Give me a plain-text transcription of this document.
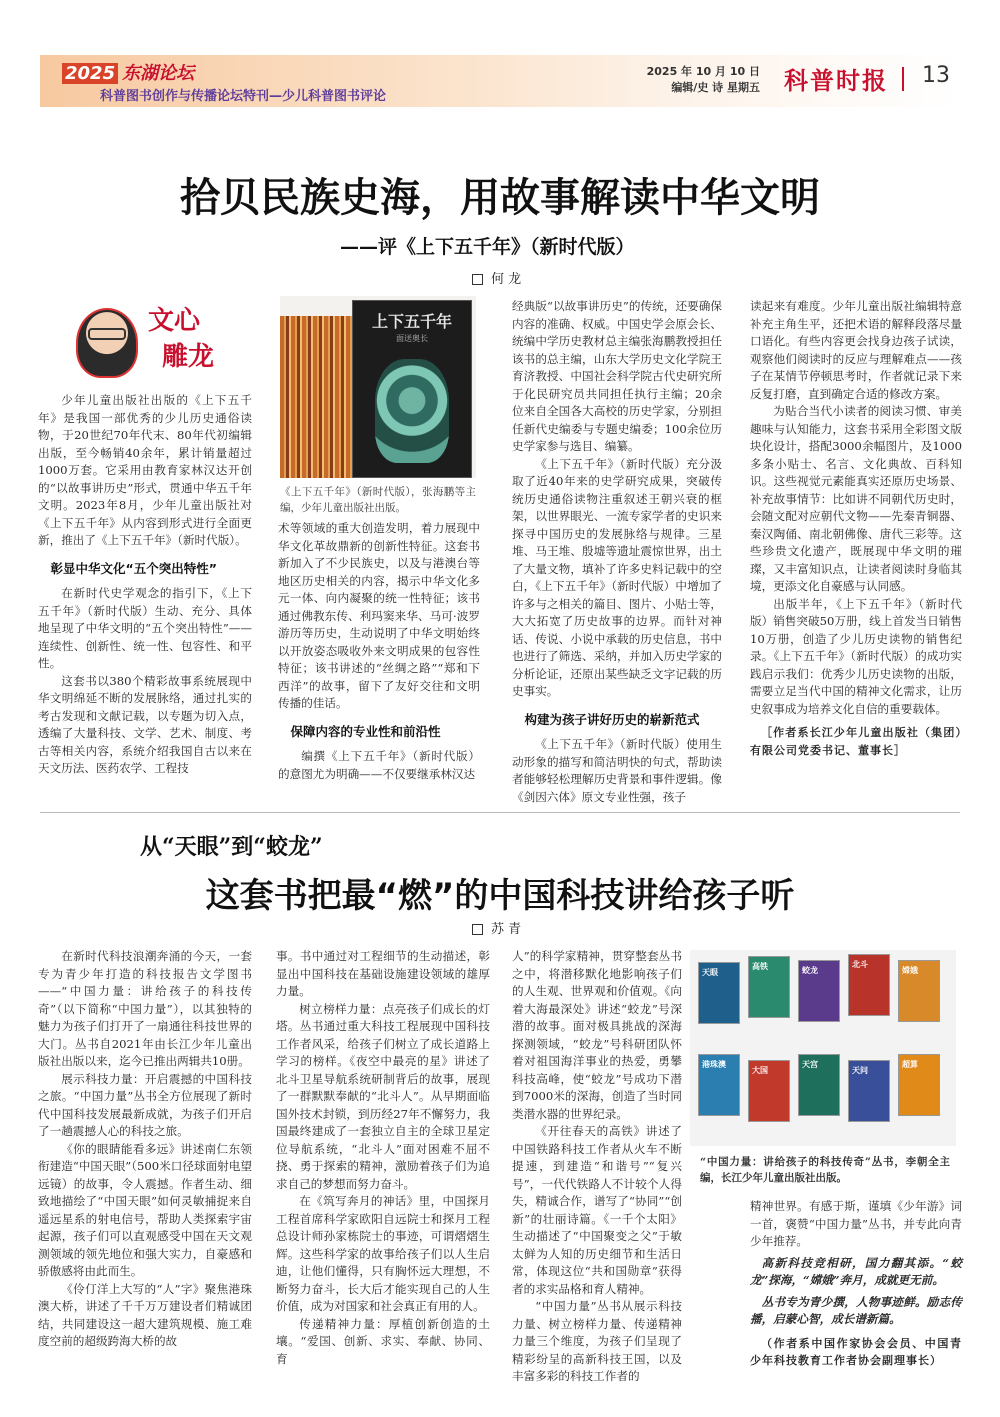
2025 东湖论坛
科普图书创作与传播论坛特刊—少儿科普图书评论
2025 年 10 月 10 日
编辑/史 诗 星期五 科普时报 13
拾贝民族史海，用故事解读中华文明
——评《上下五千年》（新时代版）
何 龙
文心
雕龙

少年儿童出版社出版的《上下五千年》是我国一部优秀的少儿历史通俗读物，于20世纪70年代末、80年代初编辑出版，至今畅销40余年，累计销量超过1000万套。它采用由教育家林汉达开创的“以故事讲历史”形式，贯通中华五千年文明。2023年8月，少年儿童出版社对《上下五千年》从内容到形式进行全面更新，推出了《上下五千年》（新时代版）。

彰显中华文化“五个突出特性”

在新时代史学观念的指引下，《上下五千年》（新时代版）生动、充分、具体地呈现了中华文明的“五个突出特性”——连续性、创新性、统一性、包容性、和平性。

这套书以380个精彩故事系统展现中华文明绵延不断的发展脉络，通过扎实的考古发现和文献记载，以专题为切入点，透编了大量科技、文学、艺术、制度、考古等相关内容，系统介绍我国自古以来在天文历法、医药农学、工程技

上下五千年
面送奥长
《上下五千年》（新时代版），张海鹏等主编，少年儿童出版社出版。

术等领域的重大创造发明，着力展现中华文化革故鼎新的创新性特征。这套书新加入了不少民族史，以及与港澳台等地区历史相关的内容，揭示中华文化多元一体、向内凝聚的统一性特征；该书通过佛教东传、利玛窦来华、马可·波罗游历等历史，生动说明了中华文明始终以开放姿态吸收外来文明成果的包容性特征；该书讲述的“丝绸之路”“郑和下西洋”的故事，留下了友好交往和文明传播的佳话。

保障内容的专业性和前沿性

编撰《上下五千年》（新时代版）的意图尤为明确——不仅要继承林汉达

经典版“以故事讲历史”的传统，还要确保内容的准确、权威。中国史学会原会长、统编中学历史教材总主编张海鹏教授担任该书的总主编，山东大学历史文化学院王育济教授、中国社会科学院古代史研究所于化民研究员共同担任执行主编；20余位来自全国各大高校的历史学家，分别担任新代史编委与专题史编委；100余位历史学家参与选目、编纂。

《上下五千年》（新时代版）充分汲取了近40年来的史学研究成果，突破传统历史通俗读物注重叙述王朝兴衰的框架，以世界眼光、一流专家学者的史识来探寻中国历史的发展脉络与规律。三星堆、马王堆、殷墟等遗址震惊世界，出土了大量文物，填补了许多史料记载中的空白，《上下五千年》（新时代版）中增加了许多与之相关的篇目、图片、小贴士等，大大拓宽了历史故事的边界。而针对神话、传说、小说中承载的历史信息，书中也进行了筛选、采纳，并加入历史学家的分析论证，还原出某些缺乏文字记载的历史事实。

构建为孩子讲好历史的崭新范式

《上下五千年》（新时代版）使用生动形象的描写和简洁明快的句式，帮助读者能够轻松理解历史背景和事件逻辑。像《剑因六体》原文专业性强，孩子

读起来有难度。少年儿童出版社编辑特意补充主角生平，还把术语的解释段落尽量口语化。有些内容更会找身边孩子试读，观察他们阅读时的反应与理解难点——孩子在某情节停顿思考时，作者就记录下来反复打磨，直到确定合适的修改方案。

为贴合当代小读者的阅读习惯、审美趣味与认知能力，这套书采用全彩图文版块化设计，搭配3000余幅图片，及1000多条小贴士、名言、文化典故、百科知识。这些视觉元素能真实还原历史场景、补充故事情节：比如讲不同朝代历史时，会随文配对应朝代文物——先秦青铜器、秦汉陶俑、南北朝佛像、唐代三彩等。这些珍贵文化遗产，既展现中华文明的璀璨，又丰富知识点，让读者阅读时身临其境，更添文化自豪感与认同感。

出版半年，《上下五千年》（新时代版）销售突破50万册，线上首发当日销售10万册，创造了少儿历史读物的销售纪录。《上下五千年》（新时代版）的成功实践启示我们：优秀少儿历史读物的出版，需要立足当代中国的精神文化需求，让历史叙事成为培养文化自信的重要载体。

［作者系长江少年儿童出版社（集团）有限公司党委书记、董事长］

从“天眼”到“蛟龙”
这套书把最“燃”的中国科技讲给孩子听
苏 青

在新时代科技浪潮奔涌的今天，一套专为青少年打造的科技报告文学图书——“中国力量：讲给孩子的科技传奇”（以下简称“中国力量”），以其独特的魅力为孩子们打开了一扇通往科技世界的大门。丛书自2021年由长江少年儿童出版社出版以来，迄今已推出两辑共10册。

展示科技力量：开启震撼的中国科技之旅。“中国力量”丛书全方位展现了新时代中国科技发展最新成就，为孩子们开启了一趟震撼人心的科技之旅。

《你的眼睛能看多远》讲述南仁东领衔建造“中国天眼”（500米口径球面射电望远镜）的故事，令人震撼。作者生动、细致地描绘了“中国天眼”如何灵敏捕捉来自遥远星系的射电信号，帮助人类探索宇宙起源，孩子们可以直观感受中国在天文观测领域的领先地位和强大实力，自豪感和骄傲感将由此而生。

《伶仃洋上大写的“人”字》聚焦港珠澳大桥，讲述了千千万万建设者们精诚团结，共同建设这一超大建筑规模、施工难度空前的超级跨海大桥的故

事。书中通过对工程细节的生动描述，彰显出中国科技在基础设施建设领域的雄厚力量。

树立榜样力量：点亮孩子们成长的灯塔。丛书通过重大科技工程展现中国科技工作者风采，给孩子们树立了成长道路上学习的榜样。《夜空中最亮的星》讲述了北斗卫星导航系统研制背后的故事，展现了一群默默奉献的“北斗人”。从早期面临国外技术封锁，到历经27年不懈努力，我国最终建成了一套独立自主的全球卫星定位导航系统，“北斗人”面对困难不屈不挠、勇于探索的精神，激励着孩子们为追求自己的梦想而努力奋斗。

在《筑写奔月的神话》里，中国探月工程首席科学家欧阳自远院士和探月工程总设计师孙家栋院士的事迹，可谓熠熠生辉。这些科学家的故事给孩子们以人生启迪，让他们懂得，只有胸怀远大理想，不断努力奋斗，长大后才能实现自己的人生价值，成为对国家和社会真正有用的人。

传递精神力量：厚植创新创造的土壤。“爱国、创新、求实、奉献、协同、育

人”的科学家精神，贯穿整套丛书之中，将潜移默化地影响孩子们的人生观、世界观和价值观。《向着大海最深处》讲述“蛟龙”号深潜的故事。面对极具挑战的深海探测领域，“蛟龙”号科研团队怀着对祖国海洋事业的热爱，勇攀科技高峰，使“蛟龙”号成功下潜到7000米的深海，创造了当时同类潜水器的世界纪录。

《开往春天的高铁》讲述了中国铁路科技工作者从火车不断提速，到建造“和谐号”“复兴号”，一代代铁路人不计较个人得失，精诚合作，谱写了“协同”“创新”的壮丽诗篇。《一千个太阳》生动描述了“中国聚变之父”于敏太鲜为人知的历史细节和生活日常，体现这位“共和国勋章”获得者的求实品格和育人精神。

“中国力量”丛书从展示科技力量、树立榜样力量、传递精神力量三个维度，为孩子们呈现了精彩纷呈的高新科技王国，以及丰富多彩的科技工作者的

天眼
高铁	蛟龙
北斗
嫦娥
港珠澳
大国
天宫
天问
超算
“中国力量：讲给孩子的科技传奇”丛书，李朝全主编，长江少年儿童出版社出版。

精神世界。有感于斯，谨填《少年游》词一首，褒赞“中国力量”丛书，并专此向青少年推荐。

高新科技竞相研，国力翻其添。“蛟龙”探海，“嫦娥”奔月，成就更无前。

丛书专为青少撰，人物事迹鲜。励志传播，启蒙心智，成长谱新篇。

（作者系中国作家协会会员、中国青少年科技教育工作者协会副理事长）
